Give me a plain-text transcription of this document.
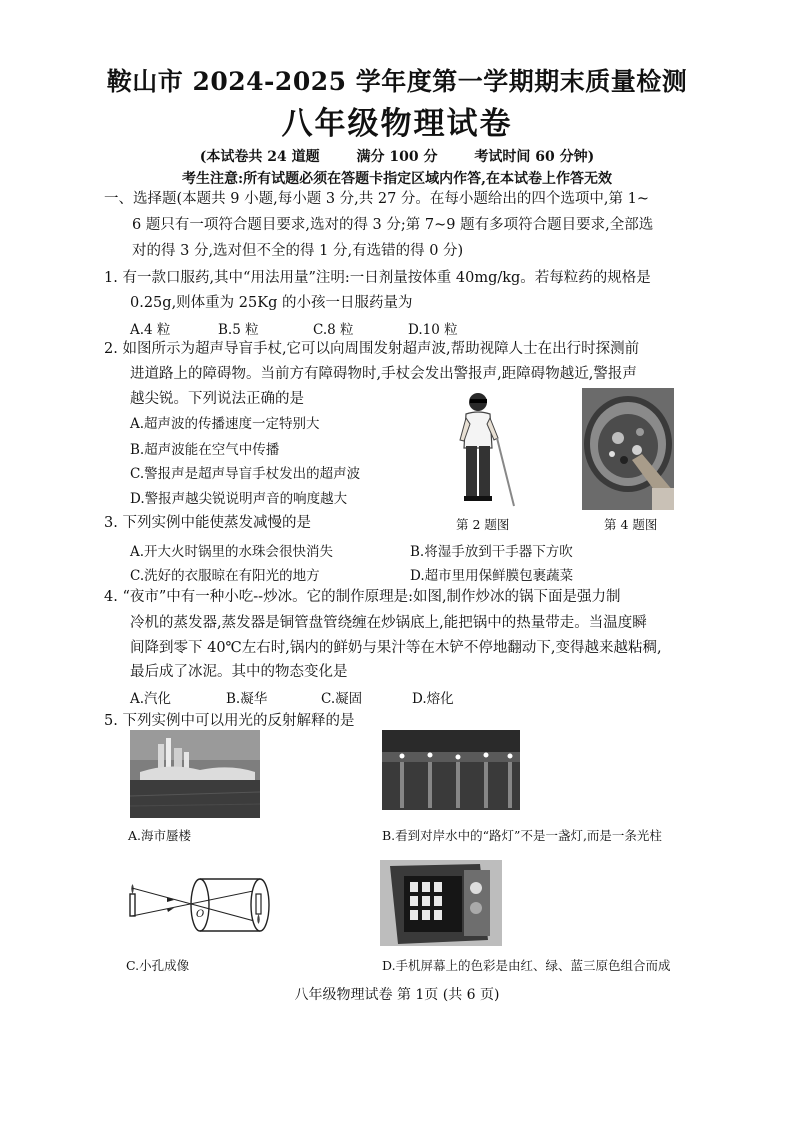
鞍山市 2024-2025 学年度第一学期期末质量检测
八年级物理试卷
(本试卷共 24 道题	满分 100 分	考试时间 60 分钟)
考生注意:所有试题必须在答题卡指定区域内作答,在本试卷上作答无效
一、选择题(本题共 9 小题,每小题 3 分,共 27 分。在每小题给出的四个选项中,第 1~
6 题只有一项符合题目要求,选对的得 3 分;第 7~9 题有多项符合题目要求,全部选
对的得 3 分,选对但不全的得 1 分,有选错的得 0 分)
1. 有一款口服药,其中“用法用量”注明:一日剂量按体重 40mg/kg。若每粒药的规格是
0.25g,则体重为 25Kg 的小孩一日服药量为
A.4 粒	B.5 粒	C.8 粒	D.10 粒
2. 如图所示为超声导盲手杖,它可以向周围发射超声波,帮助视障人士在出行时探测前
进道路上的障碍物。当前方有障碍物时,手杖会发出警报声,距障碍物越近,警报声
越尖锐。下列说法正确的是
A.超声波的传播速度一定特别大
B.超声波能在空气中传播
C.警报声是超声导盲手杖发出的超声波
D.警报声越尖锐说明声音的响度越大
第 2 题图	第 4 题图
3. 下列实例中能使蒸发减慢的是
A.开大火时锅里的水珠会很快消失	B.将湿手放到干手器下方吹
C.洗好的衣服晾在有阳光的地方	D.超市里用保鲜膜包裹蔬菜
4. “夜市”中有一种小吃--炒冰。它的制作原理是:如图,制作炒冰的锅下面是强力制
冷机的蒸发器,蒸发器是铜管盘管绕缠在炒锅底上,能把锅中的热量带走。当温度瞬
间降到零下 40℃左右时,锅内的鲜奶与果汁等在木铲不停地翻动下,变得越来越粘稠,
最后成了冰泥。其中的物态变化是
A.汽化	B.凝华	C.凝固	D.熔化
5. 下列实例中可以用光的反射解释的是
A.海市蜃楼	B.看到对岸水中的“路灯”不是一盏灯,而是一条光柱
O
C.小孔成像	D.手机屏幕上的色彩是由红、绿、蓝三原色组合而成
八年级物理试卷 第 1页 (共 6 页)
